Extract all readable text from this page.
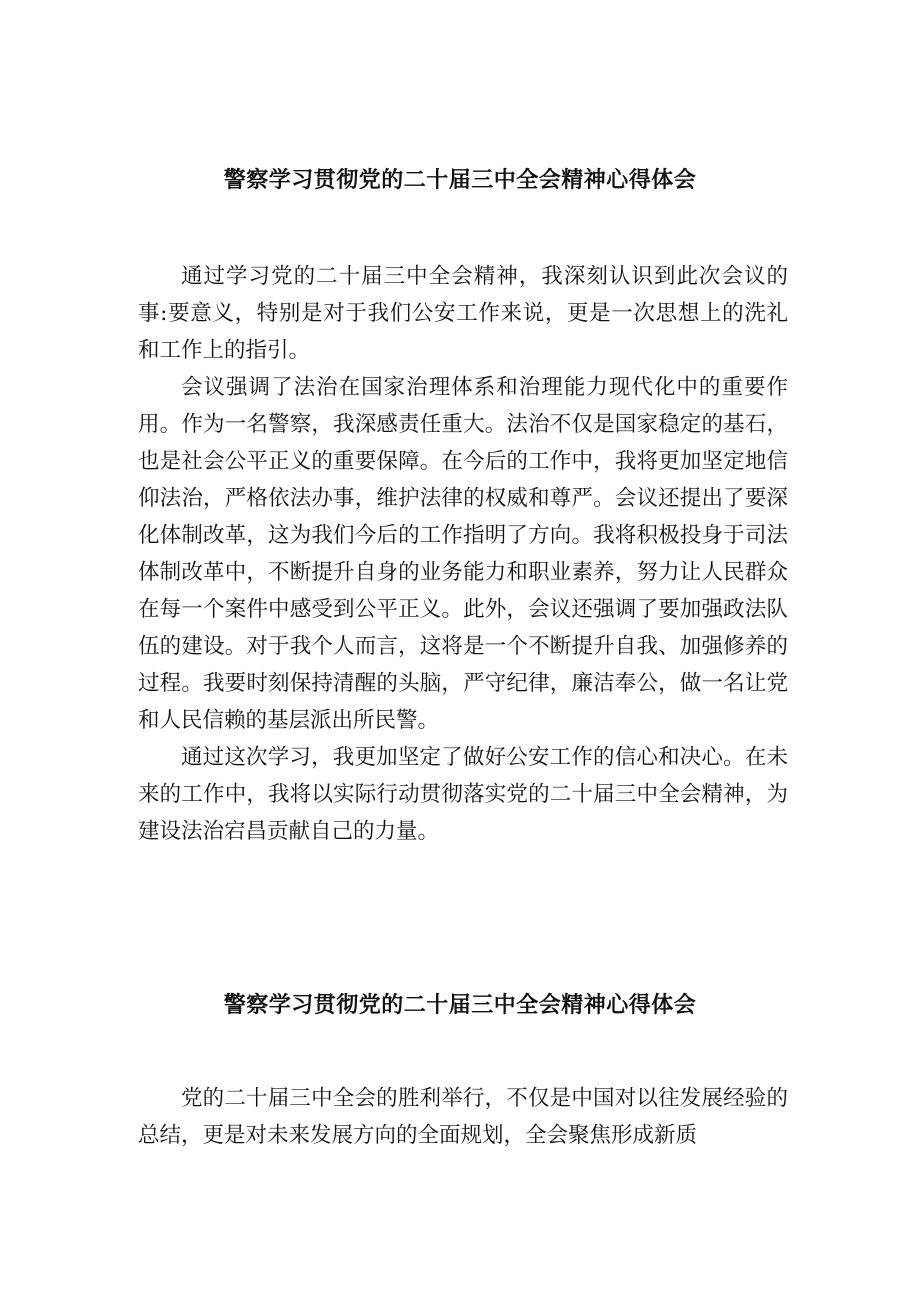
警察学习贯彻党的二十届三中全会精神心得体会

通过学习党的二十届三中全会精神，我深刻认识到此次会议的事:要意义，特别是对于我们公安工作来说，更是一次思想上的洗礼和工作上的指引。

会议强调了法治在国家治理体系和治理能力现代化中的重要作用。作为一名警察，我深感责任重大。法治不仅是国家稳定的基石，也是社会公平正义的重要保障。在今后的工作中，我将更加坚定地信仰法治，严格依法办事，维护法律的权威和尊严。会议还提出了要深化体制改革，这为我们今后的工作指明了方向。我将积极投身于司法体制改革中，不断提升自身的业务能力和职业素养，努力让人民群众在每一个案件中感受到公平正义。此外，会议还强调了要加强政法队伍的建设。对于我个人而言，这将是一个不断提升自我、加强修养的过程。我要时刻保持清醒的头脑，严守纪律，廉洁奉公，做一名让党和人民信赖的基层派出所民警。

通过这次学习，我更加坚定了做好公安工作的信心和决心。在未来的工作中，我将以实际行动贯彻落实党的二十届三中全会精神，为建设法治宕昌贡献自己的力量。

警察学习贯彻党的二十届三中全会精神心得体会

党的二十届三中全会的胜利举行，不仅是中国对以往发展经验的总结，更是对未来发展方向的全面规划，全会聚焦形成新质
